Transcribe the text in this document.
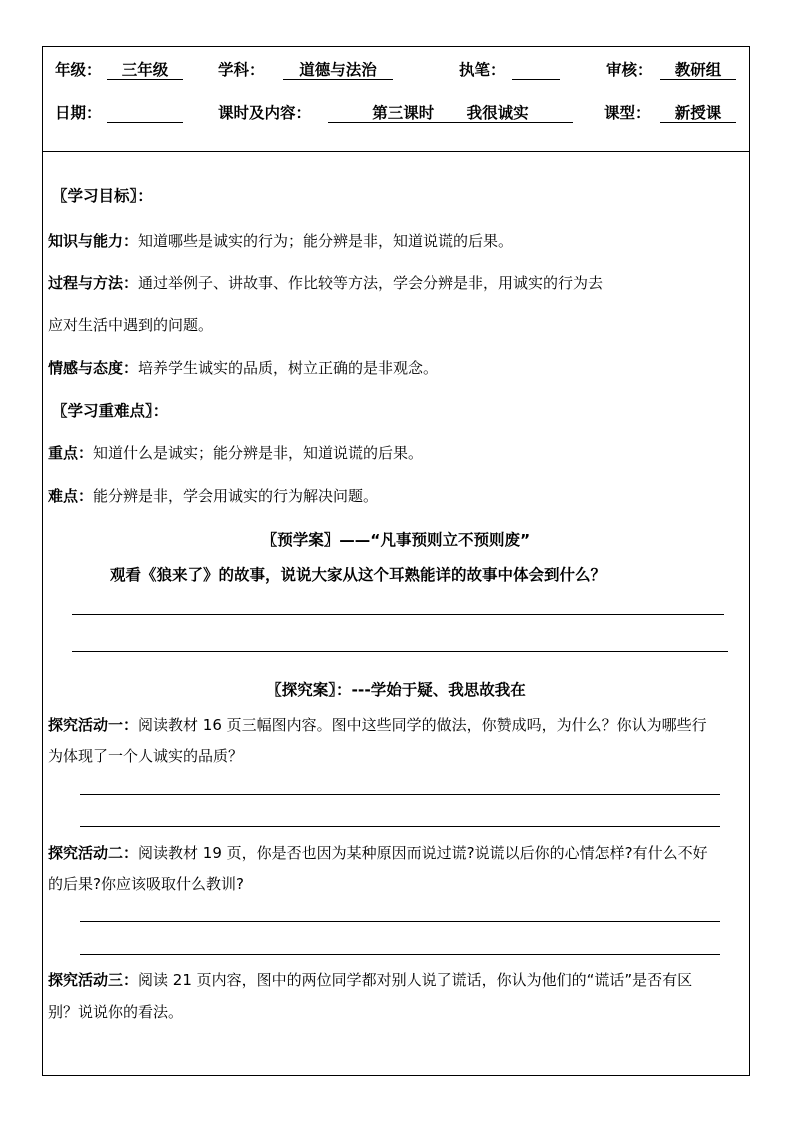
年级：	三年级	学科：	道德与法治	执笔：	审核：	教研组
日期：	课时及内容：	第三课时      我很诚实	课型：	新授课
〖学习目标〗：
知识与能力：知道哪些是诚实的行为；能分辨是非，知道说谎的后果。
过程与方法：通过举例子、讲故事、作比较等方法，学会分辨是非，用诚实的行为去
应对生活中遇到的问题。
情感与态度：培养学生诚实的品质，树立正确的是非观念。
〖学习重难点〗：
重点：知道什么是诚实；能分辨是非，知道说谎的后果。
难点：能分辨是非，学会用诚实的行为解决问题。
〖预学案〗——“凡事预则立不预则废”
观看《狼来了》的故事，说说大家从这个耳熟能详的故事中体会到什么？
〖探究案〗：---学始于疑、我思故我在
探究活动一：阅读教材 16 页三幅图内容。图中这些同学的做法，你赞成吗，为什么？你认为哪些行
为体现了一个人诚实的品质？
探究活动二：阅读教材 19 页，你是否也因为某种原因而说过谎?说谎以后你的心情怎样?有什么不好
的后果?你应该吸取什么教训?
探究活动三：阅读 21 页内容，图中的两位同学都对别人说了谎话，你认为他们的“谎话”是否有区
别？说说你的看法。
